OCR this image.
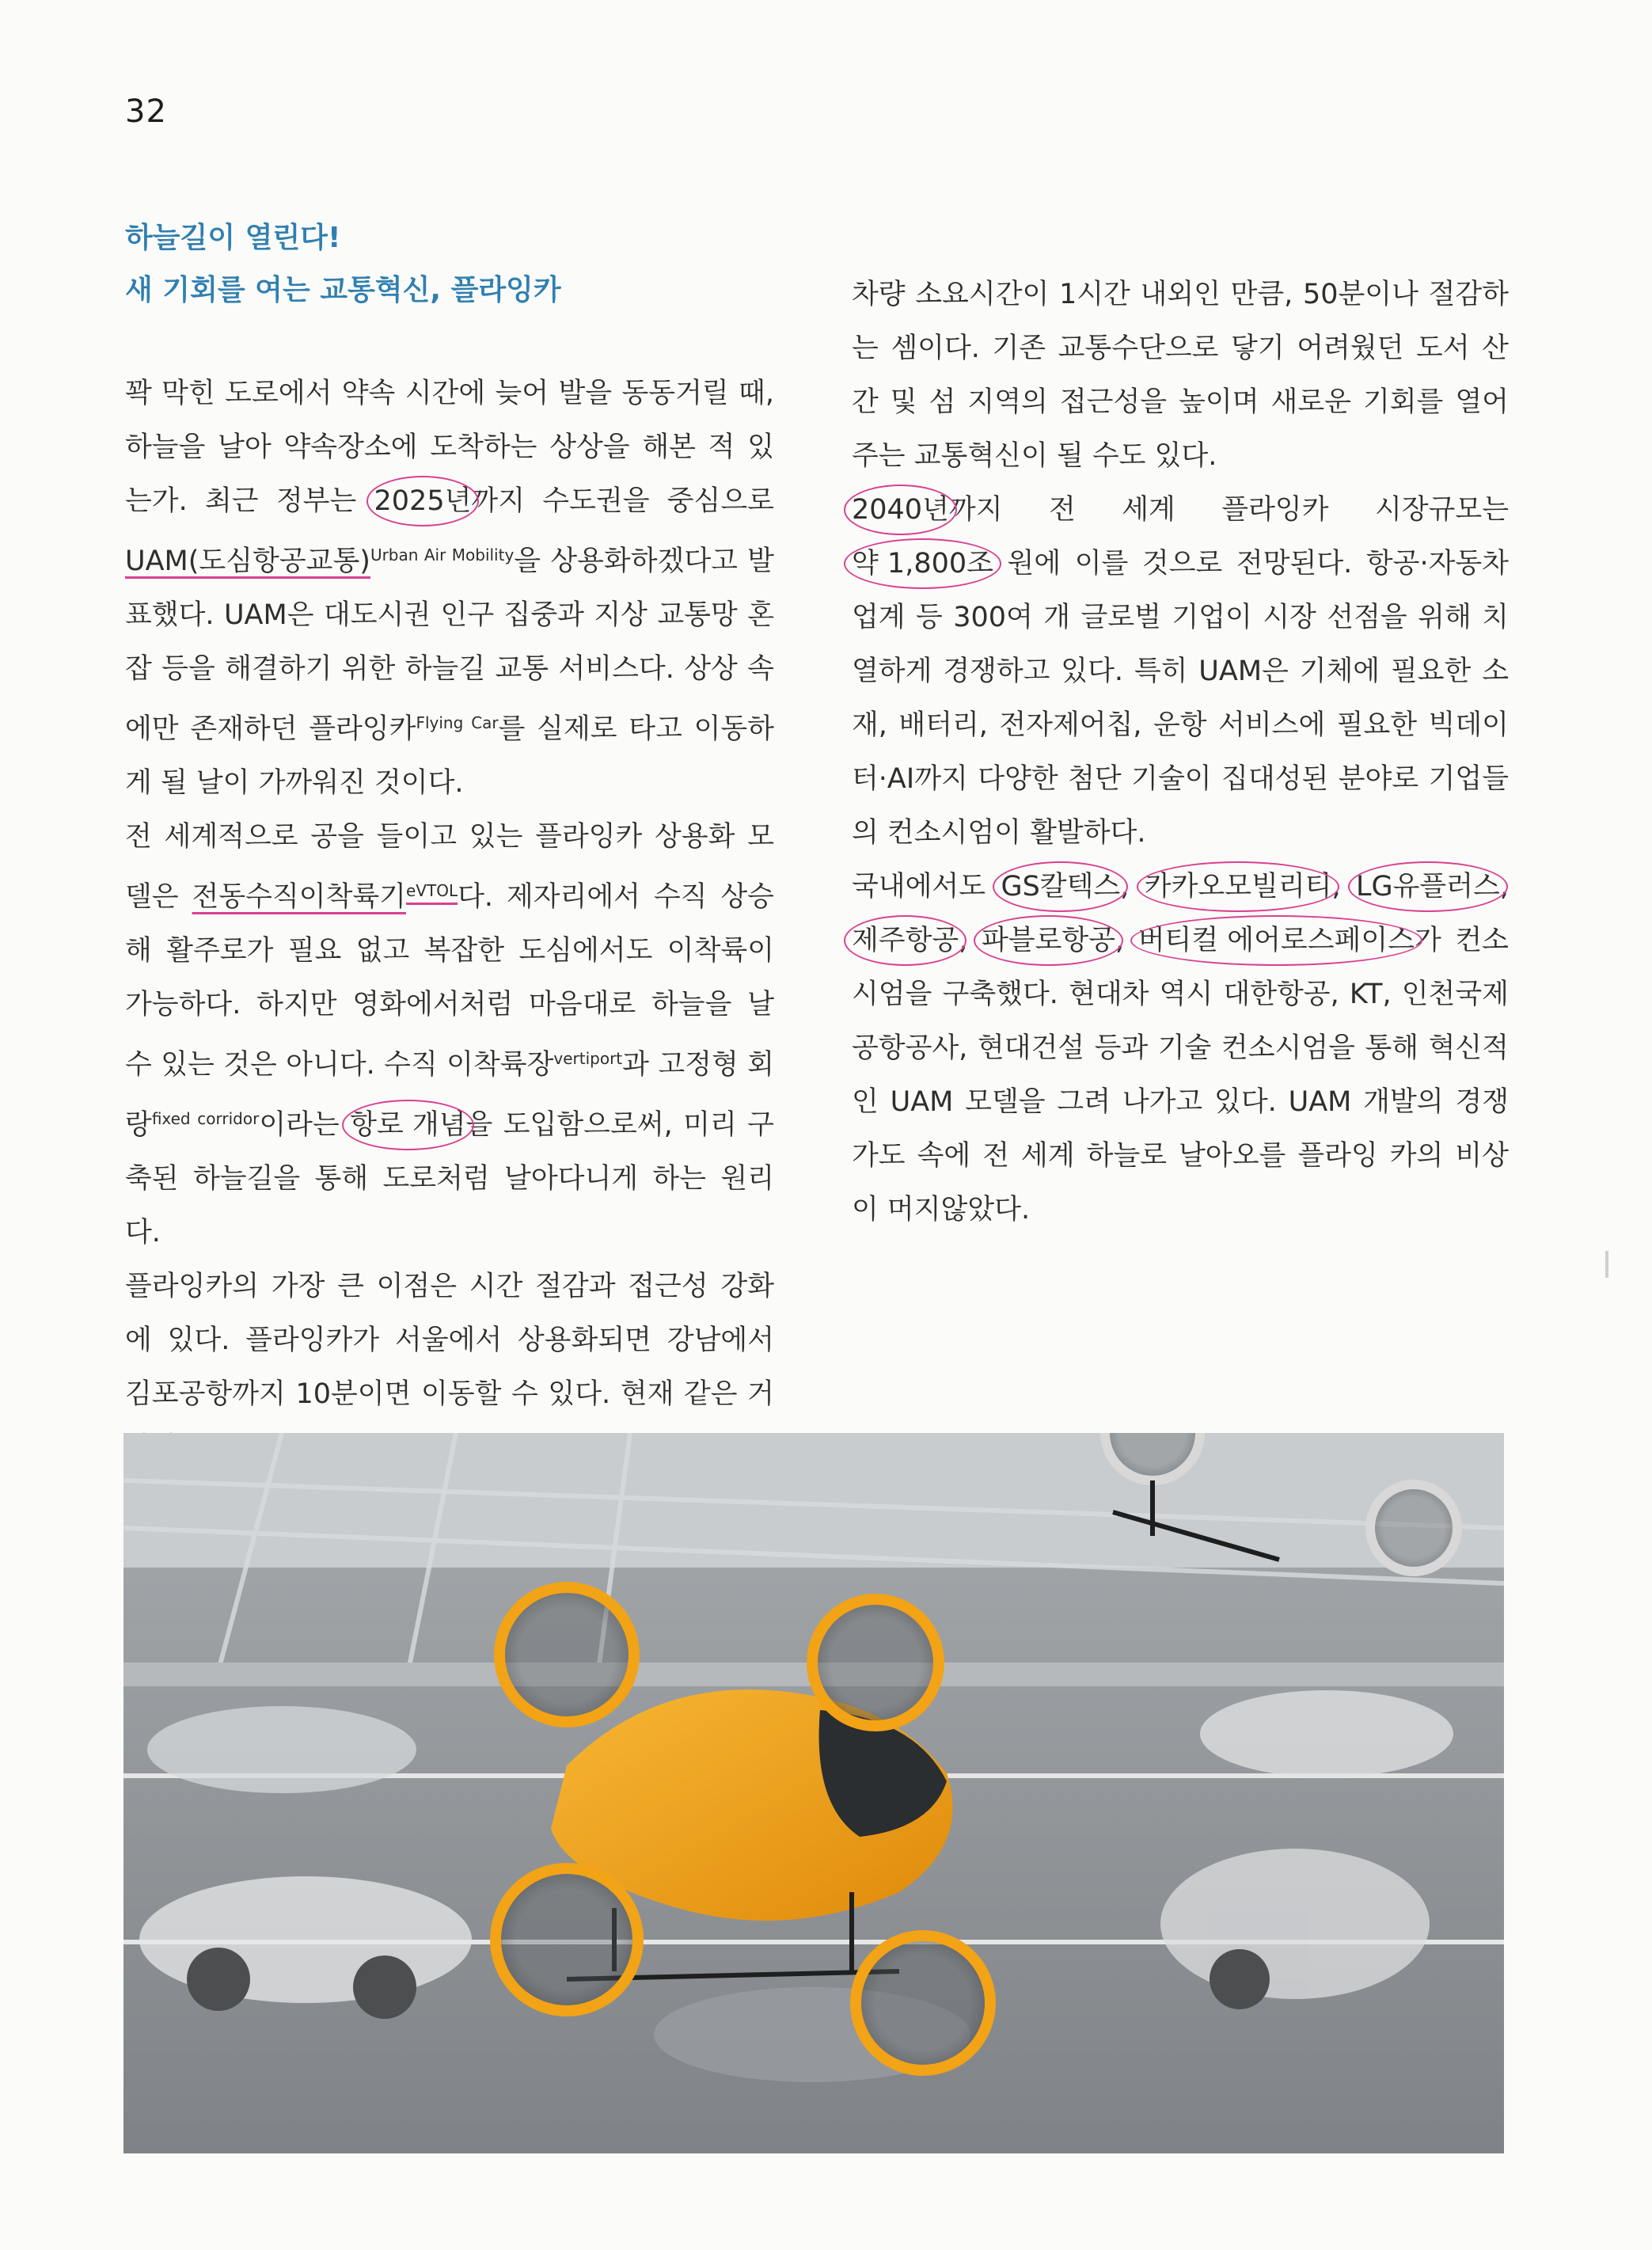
32
하늘길이 열린다!
새 기회를 여는 교통혁신, 플라잉카

꽉 막힌 도로에서 약속 시간에 늦어 발을 동동거릴 때, 하늘을 날아 약속장소에 도착하는 상상을 해본 적 있는가. 최근 정부는 2025년까지 수도권을 중심으로 UAM(도심항공교통)$^{Urban Air Mobility}$을 상용화하겠다고 발표했다. UAM은 대도시권 인구 집중과 지상 교통망 혼잡 등을 해결하기 위한 하늘길 교통 서비스다. 상상 속에만 존재하던 플라잉카$^{Flying Car}$를 실제로 타고 이동하게 될 날이 가까워진 것이다.

전 세계적으로 공을 들이고 있는 플라잉카 상용화 모델은 전동수직이착륙기$^{eVTOL}$다. 제자리에서 수직 상승해 활주로가 필요 없고 복잡한 도심에서도 이착륙이 가능하다. 하지만 영화에서처럼 마음대로 하늘을 날 수 있는 것은 아니다. 수직 이착륙장$^{vertiport}$과 고정형 회랑$^{fixed corridor}$이라는 항로 개념을 도입함으로써, 미리 구축된 하늘길을 통해 도로처럼 날아다니게 하는 원리다.

플라잉카의 가장 큰 이점은 시간 절감과 접근성 강화에 있다. 플라잉카가 서울에서 상용화되면 강남에서 김포공항까지 10분이면 이동할 수 있다. 현재 같은 거

차량 소요시간이 1시간 내외인 만큼, 50분이나 절감하는 셈이다. 기존 교통수단으로 닿기 어려웠던 도서 산간 및 섬 지역의 접근성을 높이며 새로운 기회를 열어주는 교통혁신이 될 수도 있다.

2040년까지 전 세계 플라잉카 시장규모는 약 1,800조 원에 이를 것으로 전망된다. 항공·자동차 업계 등 300여 개 글로벌 기업이 시장 선점을 위해 치열하게 경쟁하고 있다. 특히 UAM은 기체에 필요한 소재, 배터리, 전자제어칩, 운항 서비스에 필요한 빅데이터·AI까지 다양한 첨단 기술이 집대성된 분야로 기업들의 컨소시엄이 활발하다.

국내에서도 GS칼텍스, 카카오모빌리티, LG유플러스, 제주항공, 파블로항공, 버티컬 에어로스페이스가 컨소시엄을 구축했다. 현대차 역시 대한항공, KT, 인천국제공항공사, 현대건설 등과 기술 컨소시엄을 통해 혁신적인 UAM 모델을 그려 나가고 있다. UAM 개발의 경쟁가도 속에 전 세계 하늘로 날아오를 플라잉 카의 비상이 머지않았다.
